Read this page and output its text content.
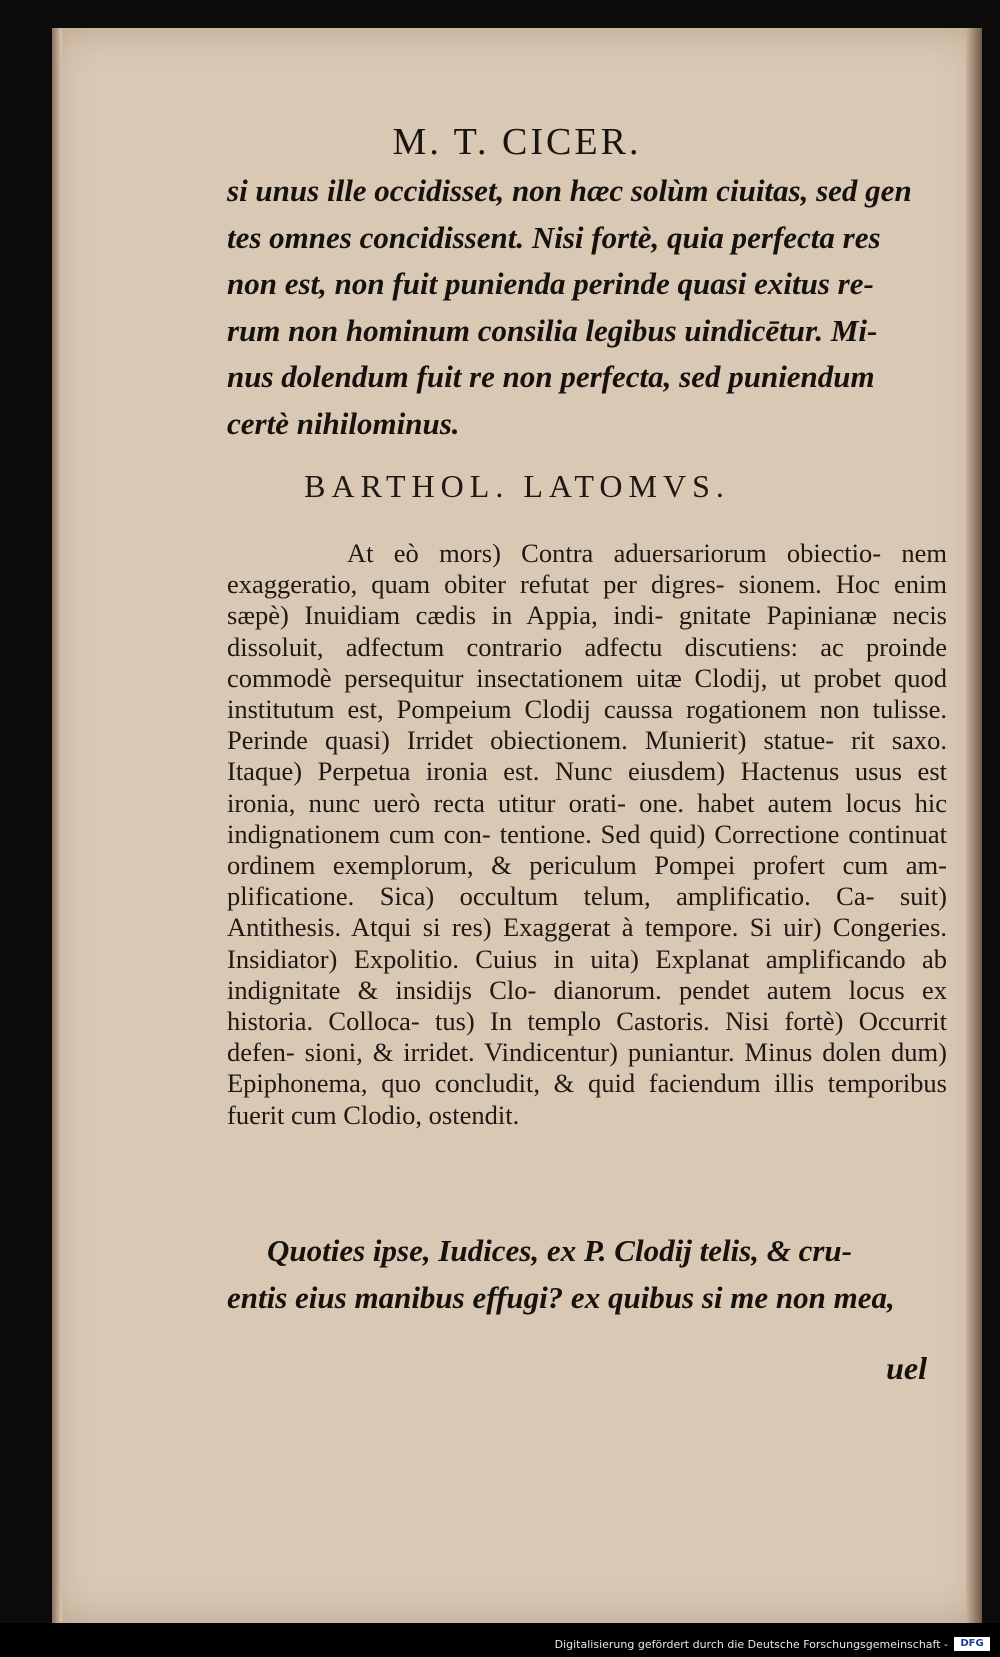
M. T. CICER.

si unus ille occidisset, non hæc solùm ciuitas, sed gen

tes omnes concidissent. Nisi fortè, quia perfecta res

non est, non fuit punienda perinde quasi exitus re-

rum non hominum consilia legibus uindicētur. Mi-

nus dolendum fuit re non perfecta, sed puniendum

certè nihilominus.

BARTHOL. LATOMVS.

At eò mors) Contra aduersariorum obiectio- nem exaggeratio, quam obiter refutat per digres- sionem. Hoc enim sæpè) Inuidiam cædis in Appia, indi- gnitate Papinianæ necis dissoluit, adfectum contrario adfectu discutiens: ac proinde commodè persequitur insectationem uitæ Clodij, ut probet quod institutum est, Pompeium Clodij caussa rogationem non tulisse. Perinde quasi) Irridet obiectionem. Munierit) statue- rit saxo. Itaque) Perpetua ironia est. Nunc eiusdem) Hactenus usus est ironia, nunc uerò recta utitur orati- one. habet autem locus hic indignationem cum con- tentione. Sed quid) Correctione continuat ordinem exemplorum, & periculum Pompei profert cum am- plificatione. Sica) occultum telum, amplificatio. Ca- suit) Antithesis. Atqui si res) Exaggerat à tempore. Si uir) Congeries. Insidiator) Expolitio. Cuius in uita) Explanat amplificando ab indignitate & insidijs Clo- dianorum. pendet autem locus ex historia. Colloca- tus) In templo Castoris. Nisi fortè) Occurrit defen- sioni, & irridet. Vindicentur) puniantur. Minus dolen dum) Epiphonema, quo concludit, & quid faciendum illis temporibus fuerit cum Clodio, ostendit.

Quoties ipse, Iudices, ex P. Clodij telis, & cru-

entis eius manibus effugi? ex quibus si me non mea,

uel
Digitalisierung gefördert durch die Deutsche Forschungsgemeinschaft -	DFG
